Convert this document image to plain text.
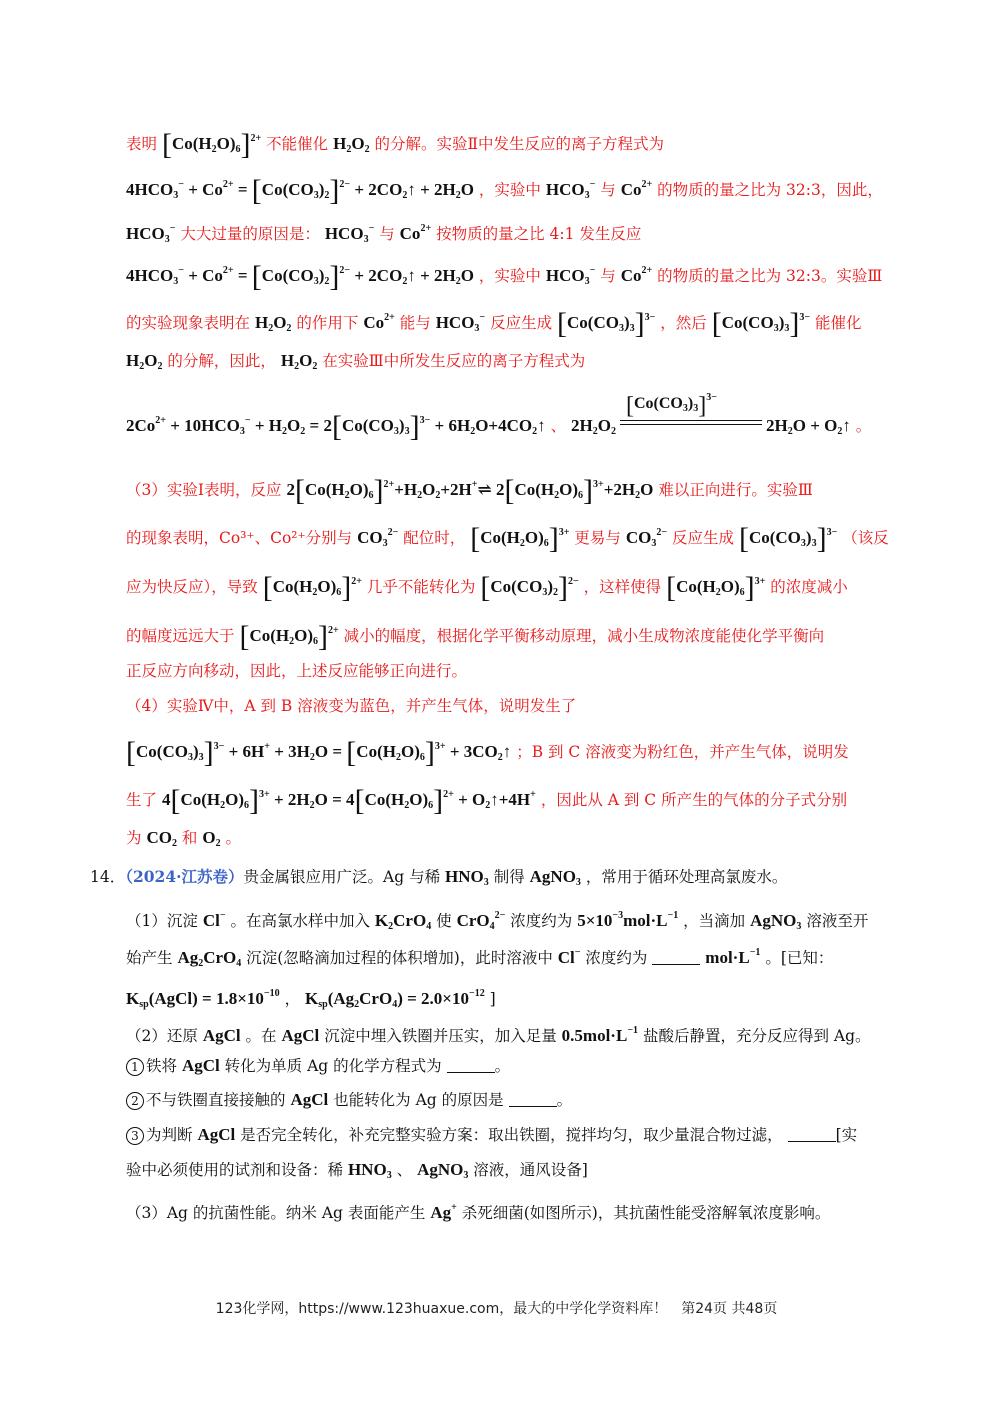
表明 $[Co(H_2O)_6]^{2+}$ 不能催化 $H_2O_2$ 的分解。实验Ⅱ中发生反应的离子方程式为
$4HCO_3^- + Co^{2+} = [Co(CO_3)_2]^{2-}$ + $2CO_2↑ + 2H_2O$ ，实验中 $HCO_3^-$ 与 $Co^{2+}$ 的物质的量之比为 32:3，因此，
$HCO_3^-$ 大大过量的原因是： $HCO_3^-$ 与 $Co^{2+}$ 按物质的量之比 4:1 发生反应
$4HCO_3^- + Co^{2+} = [Co(CO_3)_2]^{2-}$ + $2CO_2↑ + 2H_2O$ ，实验中 $HCO_3^-$ 与 $Co^{2+}$ 的物质的量之比为 32:3。实验Ⅲ
的实验现象表明在 $H_2O_2$ 的作用下 $Co^{2+}$ 能与 $HCO_3^-$ 反应生成 $[Co(CO_3)_3]^{3-}$ ，然后 $[Co(CO_3)_3]^{3-}$ 能催化
$H_2O_2$ 的分解，因此， $H_2O_2$ 在实验Ⅲ中所发生反应的离子方程式为
$2Co^{2+} + 10HCO_3^- + H_2O_2 = 2[Co(CO_3)_3]^{3-}$ + $6H_2O+4CO_2↑$ 、 $2H_2O_2$
$[Co(CO_3)_3]^{3-}$
$2H_2O$ + $O_2↑$ 。
（3）实验Ⅰ表明，反应 $2[Co(H_2O)_6]^{2+}+H_2O_2+2H^+\rightleftharpoons$ $2[Co(H_2O)_6]^{3+}+2H_2O$ 难以正向进行。实验Ⅲ
的现象表明，Co³⁺、Co²⁺分别与 $CO_3^{2-}$ 配位时， $[Co(H_2O)_6]^{3+}$ 更易与 $CO_3^{2-}$ 反应生成 $[Co(CO_3)_3]^{3-}$ （该反
应为快反应），导致 $[Co(H_2O)_6]^{2+}$ 几乎不能转化为 $[Co(CO_3)_2]^{2-}$ ，这样使得 $[Co(H_2O)_6]^{3+}$ 的浓度减小
的幅度远远大于 $[Co(H_2O)_6]^{2+}$ 减小的幅度，根据化学平衡移动原理，减小生成物浓度能使化学平衡向
正反应方向移动，因此，上述反应能够正向进行。
（4）实验Ⅳ中，A 到 B 溶液变为蓝色，并产生气体，说明发生了
$[Co(CO_3)_3]^{3-} + 6H^+ + 3H_2O = [Co(H_2O)_6]^{3+}$ + $3CO_2↑$ ；B 到 C 溶液变为粉红色，并产生气体，说明发
生了 $4[Co(H_2O)_6]^{3+} + 2H_2O = 4[Co(H_2O)_6]^{2+}$ + $O_2↑+4H^+$ ，因此从 A 到 C 所产生的气体的分子式分别
为 $CO_2$ 和 $O_2$ 。
14．（2024·江苏卷）贵金属银应用广泛。Ag 与稀 $HNO_3$ 制得 AgNO$_3$ ，常用于循环处理高氯废水。
（1）沉淀 Cl− 。在高氯水样中加入 $K_2CrO_4$ 使 CrO$_4^{2-}$ 浓度约为 $5\times 10^{-3}mol\cdot L^{-1}$ ，当滴加 AgNO$_3$ 溶液至开
始产生 $Ag_2CrO_4$ 沉淀(忽略滴加过程的体积增加)，此时溶液中 Cl− 浓度约为	$mol\cdot L^{-1}$ 。[已知：
$K_{sp}(AgCl) = 1.8\times 10^{-10}$ ， $K_{sp}(Ag_2CrO_4) = 2.0\times 10^{-12}$ ]
（2）还原 AgCl 。在 AgCl 沉淀中埋入铁圈并压实，加入足量 $0.5mol\cdot L^{-1}$ 盐酸后静置，充分反应得到 Ag。
1 铁将 AgCl 转化为单质 Ag 的化学方程式为	。
2 不与铁圈直接接触的 AgCl 也能转化为 Ag 的原因是	。
3 为判断 AgCl 是否完全转化，补充完整实验方案：取出铁圈，搅拌均匀，取少量混合物过滤，	[实
验中必须使用的试剂和设备：稀 $HNO_3$ 、 AgNO$_3$ 溶液，通风设备]
（3）Ag 的抗菌性能。纳米 Ag 表面能产生 Ag+ 杀死细菌(如图所示)，其抗菌性能受溶解氧浓度影响。
123化学网，https://www.123huaxue.com，最大的中学化学资料库！　第24页 共48页
